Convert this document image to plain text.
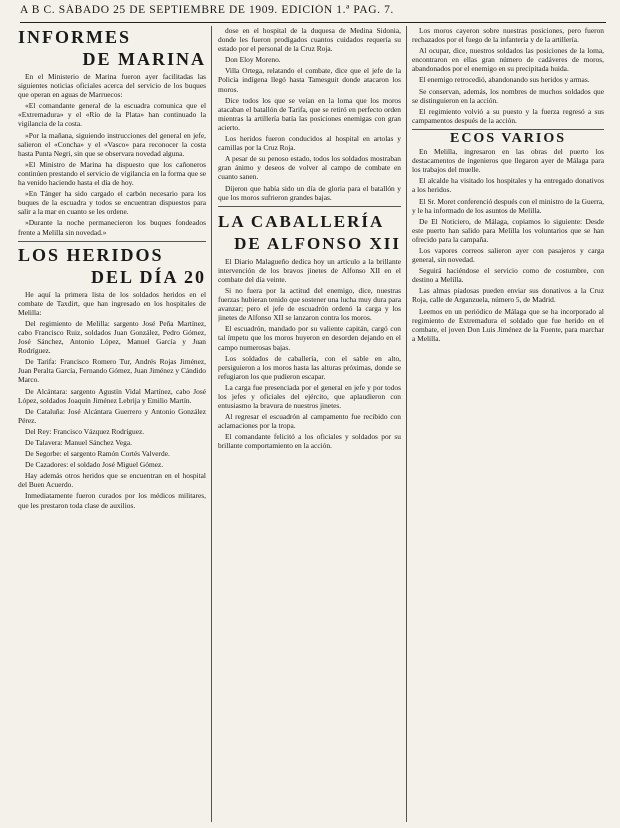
A B C. SÁBADO 25 DE SEPTIEMBRE DE 1909. EDICIÓN 1.ª PAG. 7.
INFORMES
DE MARINA

En el Ministerio de Marina fueron ayer facilitadas las siguientes noticias oficiales acerca del servicio de los buques que operan en aguas de Marruecos:

«El comandante general de la escuadra comunica que el «Extremadura» y el «Río de la Plata» han continuado la vigilancia de la costa.

»Por la mañana, siguiendo instrucciones del general en jefe, salieron el «Concha» y el «Vasco» para reconocer la costa hasta Punta Negri, sin que se observara novedad alguna.

»El Ministro de Marina ha dispuesto que los cañoneros continúen prestando el servicio de vigilancia en la forma que se ha venido haciendo hasta el día de hoy.

»En Tánger ha sido cargado el carbón necesario para los buques de la escuadra y todos se encuentran dispuestos para salir a la mar en cuanto se les ordene.

»Durante la noche permanecieron los buques fondeados frente a Melilla sin novedad.»

LOS HERIDOS
DEL DÍA 20

He aquí la primera lista de los soldados heridos en el combate de Taxdirt, que han ingresado en los hospitales de Melilla:

Del regimiento de Melilla: sargento José Peña Martínez, cabo Francisco Ruiz, soldados Juan González, Pedro Gómez, José Sánchez, Antonio López, Manuel García y Juan Rodríguez.

De Tarifa: Francisco Romero Tur, Andrés Rojas Jiménez, Juan Peralta García, Fernando Gómez, Juan Jiménez y Cándido Marco.

De Alcántara: sargento Agustín Vidal Martínez, cabo José López, soldados Joaquín Jiménez Lebrija y Emilio Martín.

De Cataluña: José Alcántara Guerrero y Antonio González Pérez.

Del Rey: Francisco Vázquez Rodríguez.

De Talavera: Manuel Sánchez Vega.

De Segorbe: el sargento Ramón Cortés Valverde.

De Cazadores: el soldado José Miguel Gómez.

Hay además otros heridos que se encuentran en el hospital del Buen Acuerdo.

Inmediatamente fueron curados por los médicos militares, que les prestaron toda clase de auxilios.

dose en el hospital de la duquesa de Medina Sidonia, donde les fueron prodigados cuantos cuidados requería su estado por el personal de la Cruz Roja.

Don Eloy Moreno.

Villa Ortega, relatando el combate, dice que el jefe de la Policía indígena llegó hasta Tamesguit donde atacaron los moros.

Dice todos los que se veían en la loma que los moros atacaban el batallón de Tarifa, que se retiró en perfecto orden mientras la artillería batía las posiciones enemigas con gran acierto.

Los heridos fueron conducidos al hospital en artolas y camillas por la Cruz Roja.

A pesar de su penoso estado, todos los soldados mostraban gran ánimo y deseos de volver al campo de combate en cuanto sanen.

Dijeron que había sido un día de gloria para el batallón y que los moros sufrieron grandes bajas.

LA CABALLERÍA
DE ALFONSO XII

El Diario Malagueño dedica hoy un artículo a la brillante intervención de los bravos jinetes de Alfonso XII en el combate del día veinte.

Si no fuera por la actitud del enemigo, dice, nuestras fuerzas hubieran tenido que sostener una lucha muy dura para avanzar; pero el jefe de escuadrón ordenó la carga y los jinetes de Alfonso XII se lanzaron contra los moros.

El escuadrón, mandado por su valiente capitán, cargó con tal ímpetu que los moros huyeron en desorden dejando en el campo numerosas bajas.

Los soldados de caballería, con el sable en alto, persiguieron a los moros hasta las alturas próximas, donde se refugiaron los que pudieron escapar.

La carga fue presenciada por el general en jefe y por todos los jefes y oficiales del ejército, que aplaudieron con entusiasmo la bravura de nuestros jinetes.

Al regresar el escuadrón al campamento fue recibido con aclamaciones por la tropa.

El comandante felicitó a los oficiales y soldados por su brillante comportamiento en la acción.

Los moros cayeron sobre nuestras posiciones, pero fueron rechazados por el fuego de la infantería y de la artillería.

Al ocupar, dice, nuestros soldados las posiciones de la loma, encontraron en ellas gran número de cadáveres de moros, abandonados por el enemigo en su precipitada huida.

El enemigo retrocedió, abandonando sus heridos y armas.

Se conservan, además, los nombres de muchos soldados que se distinguieron en la acción.

El regimiento volvió a su puesto y la fuerza regresó a sus campamentos después de la acción.

ECOS VARIOS

En Melilla, ingresaron en las obras del puerto los destacamentos de ingenieros que llegaron ayer de Málaga para los trabajos del muelle.

El alcalde ha visitado los hospitales y ha entregado donativos a los heridos.

El Sr. Moret conferenció después con el ministro de la Guerra, y le ha informado de los asuntos de Melilla.

De El Noticiero, de Málaga, copiamos lo siguiente: Desde este puerto han salido para Melilla los voluntarios que se han ofrecido para la campaña.

Los vapores correos salieron ayer con pasajeros y carga general, sin novedad.

Seguirá haciéndose el servicio como de costumbre, con destino a Melilla.

Las almas piadosas pueden enviar sus donativos a la Cruz Roja, calle de Arganzuela, número 5, de Madrid.

Leemos en un periódico de Málaga que se ha incorporado al regimiento de Extremadura el soldado que fue herido en el combate, el joven Don Luis Jiménez de la Fuente, para marchar a Melilla.
